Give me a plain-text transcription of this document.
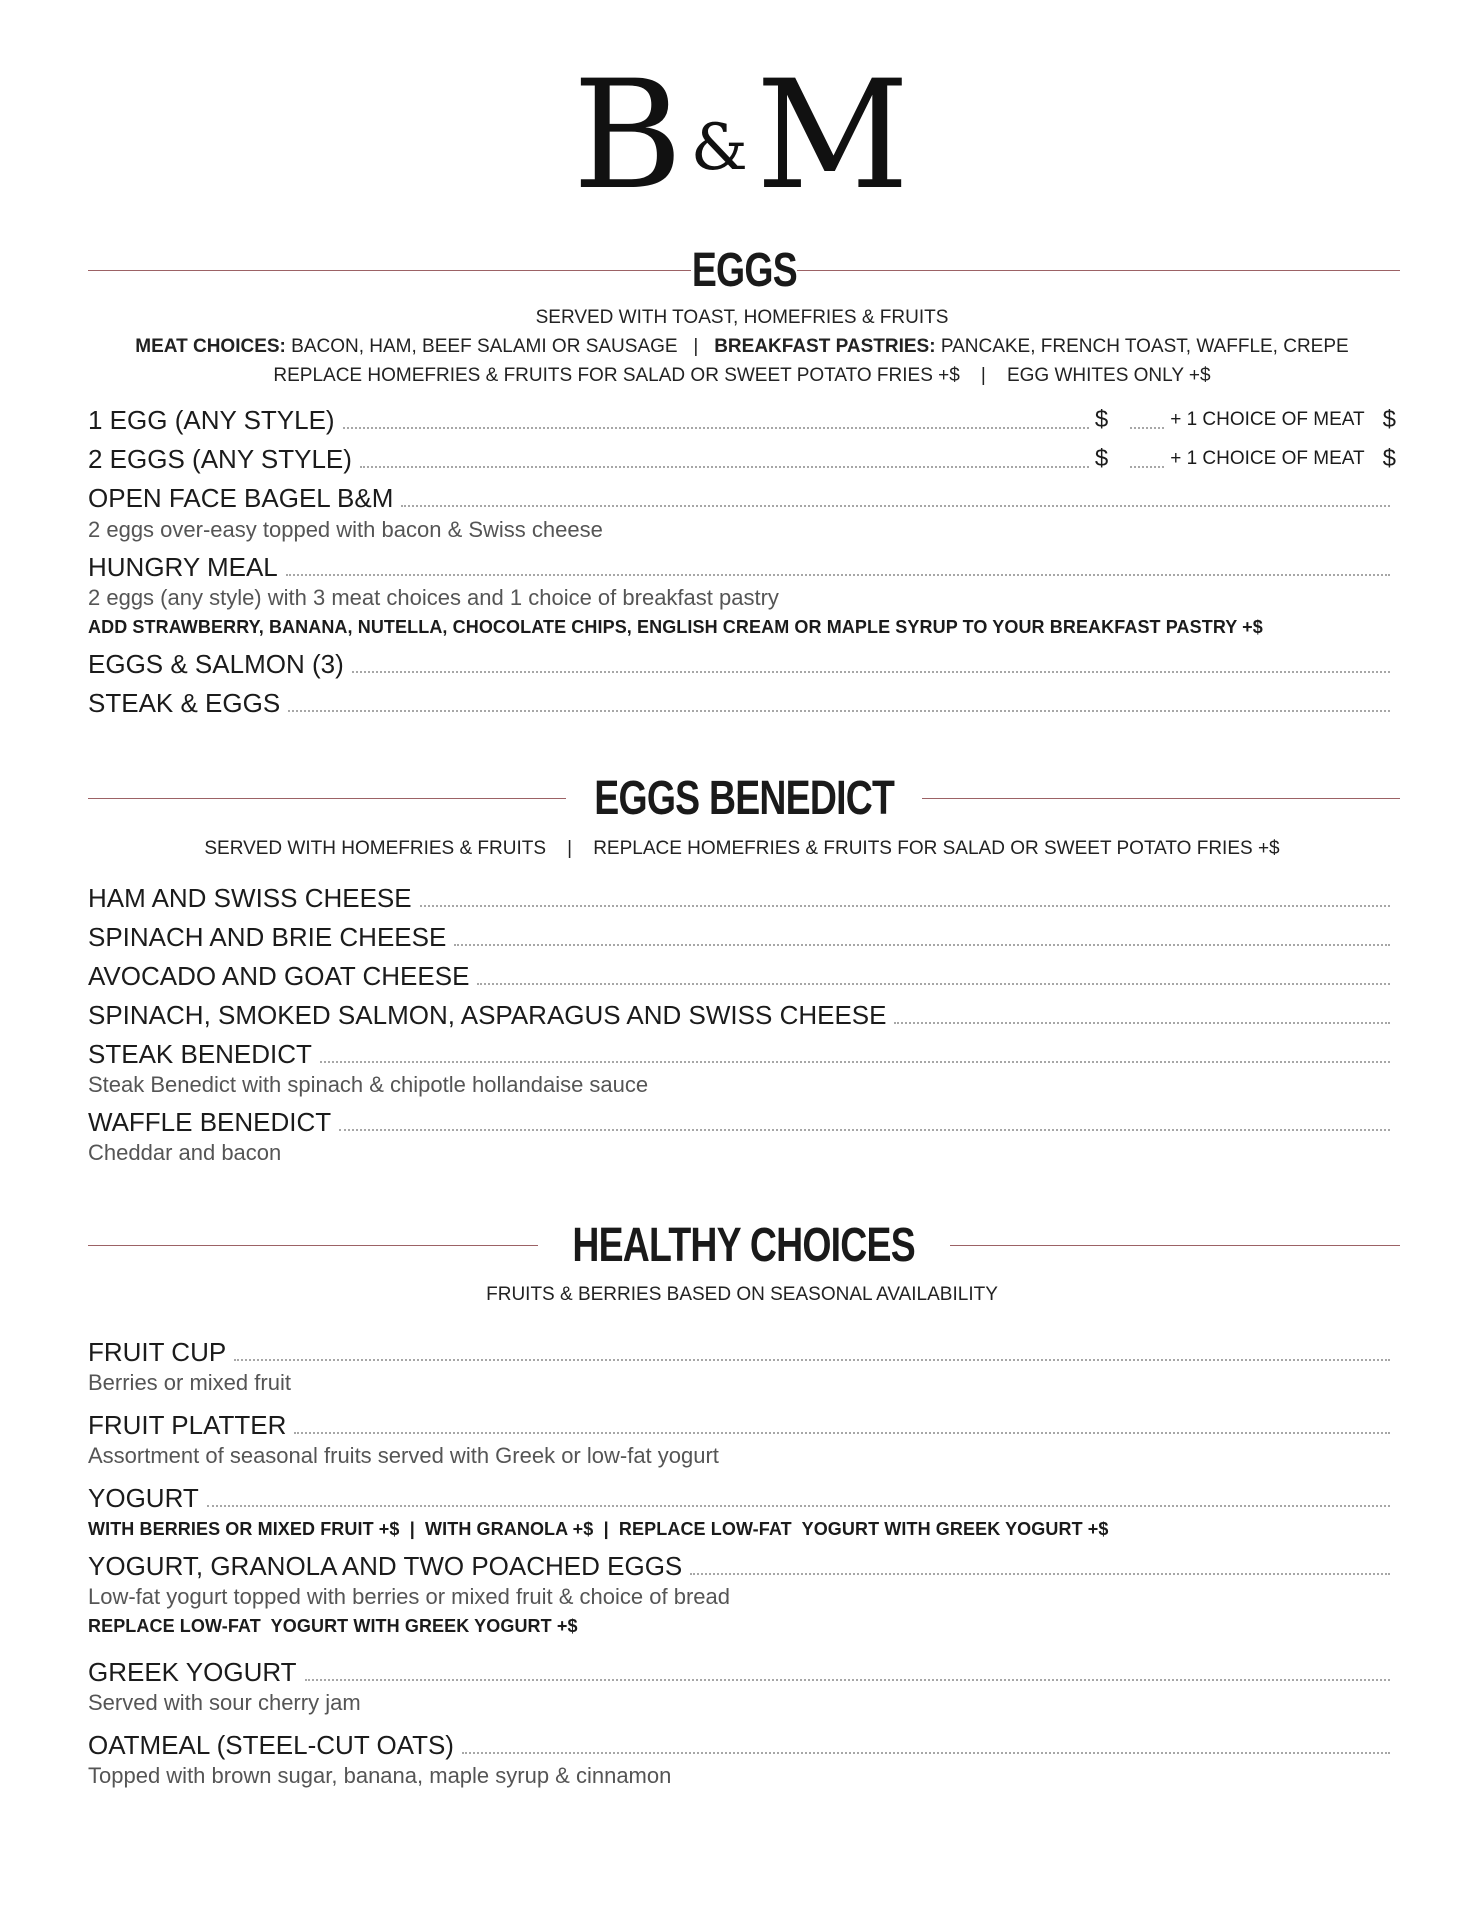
B&M
EGGS
SERVED WITH TOAST, HOMEFRIES & FRUITS
MEAT CHOICES: BACON, HAM, BEEF SALAMI OR SAUSAGE | BREAKFAST PASTRIES: PANCAKE, FRENCH TOAST, WAFFLE, CREPE
REPLACE HOMEFRIES & FRUITS FOR SALAD OR SWEET POTATO FRIES +$    |    EGG WHITES ONLY +$
1 EGG (ANY STYLE)	$	+ 1 CHOICE OF MEAT $
2 EGGS (ANY STYLE)	$	+ 1 CHOICE OF MEAT $
OPEN FACE BAGEL B&M
2 eggs over-easy topped with bacon & Swiss cheese
HUNGRY MEAL
2 eggs (any style) with 3 meat choices and 1 choice of breakfast pastry
ADD STRAWBERRY, BANANA, NUTELLA, CHOCOLATE CHIPS, ENGLISH CREAM OR MAPLE SYRUP TO YOUR BREAKFAST PASTRY +$
EGGS & SALMON (3)
STEAK & EGGS
EGGS BENEDICT
SERVED WITH HOMEFRIES & FRUITS    |    REPLACE HOMEFRIES & FRUITS FOR SALAD OR SWEET POTATO FRIES +$
HAM AND SWISS CHEESE
SPINACH AND BRIE CHEESE
AVOCADO AND GOAT CHEESE
SPINACH, SMOKED SALMON, ASPARAGUS AND SWISS CHEESE
STEAK BENEDICT
Steak Benedict with spinach & chipotle hollandaise sauce
WAFFLE BENEDICT
Cheddar and bacon
HEALTHY CHOICES
FRUITS & BERRIES BASED ON SEASONAL AVAILABILITY
FRUIT CUP
Berries or mixed fruit
FRUIT PLATTER
Assortment of seasonal fruits served with Greek or low-fat yogurt
YOGURT
WITH BERRIES OR MIXED FRUIT +$  |  WITH GRANOLA +$  |  REPLACE LOW-FAT  YOGURT WITH GREEK YOGURT +$
YOGURT, GRANOLA AND TWO POACHED EGGS
Low-fat yogurt topped with berries or mixed fruit & choice of bread
REPLACE LOW-FAT  YOGURT WITH GREEK YOGURT +$
GREEK YOGURT
Served with sour cherry jam
OATMEAL (STEEL-CUT OATS)
Topped with brown sugar, banana, maple syrup & cinnamon
